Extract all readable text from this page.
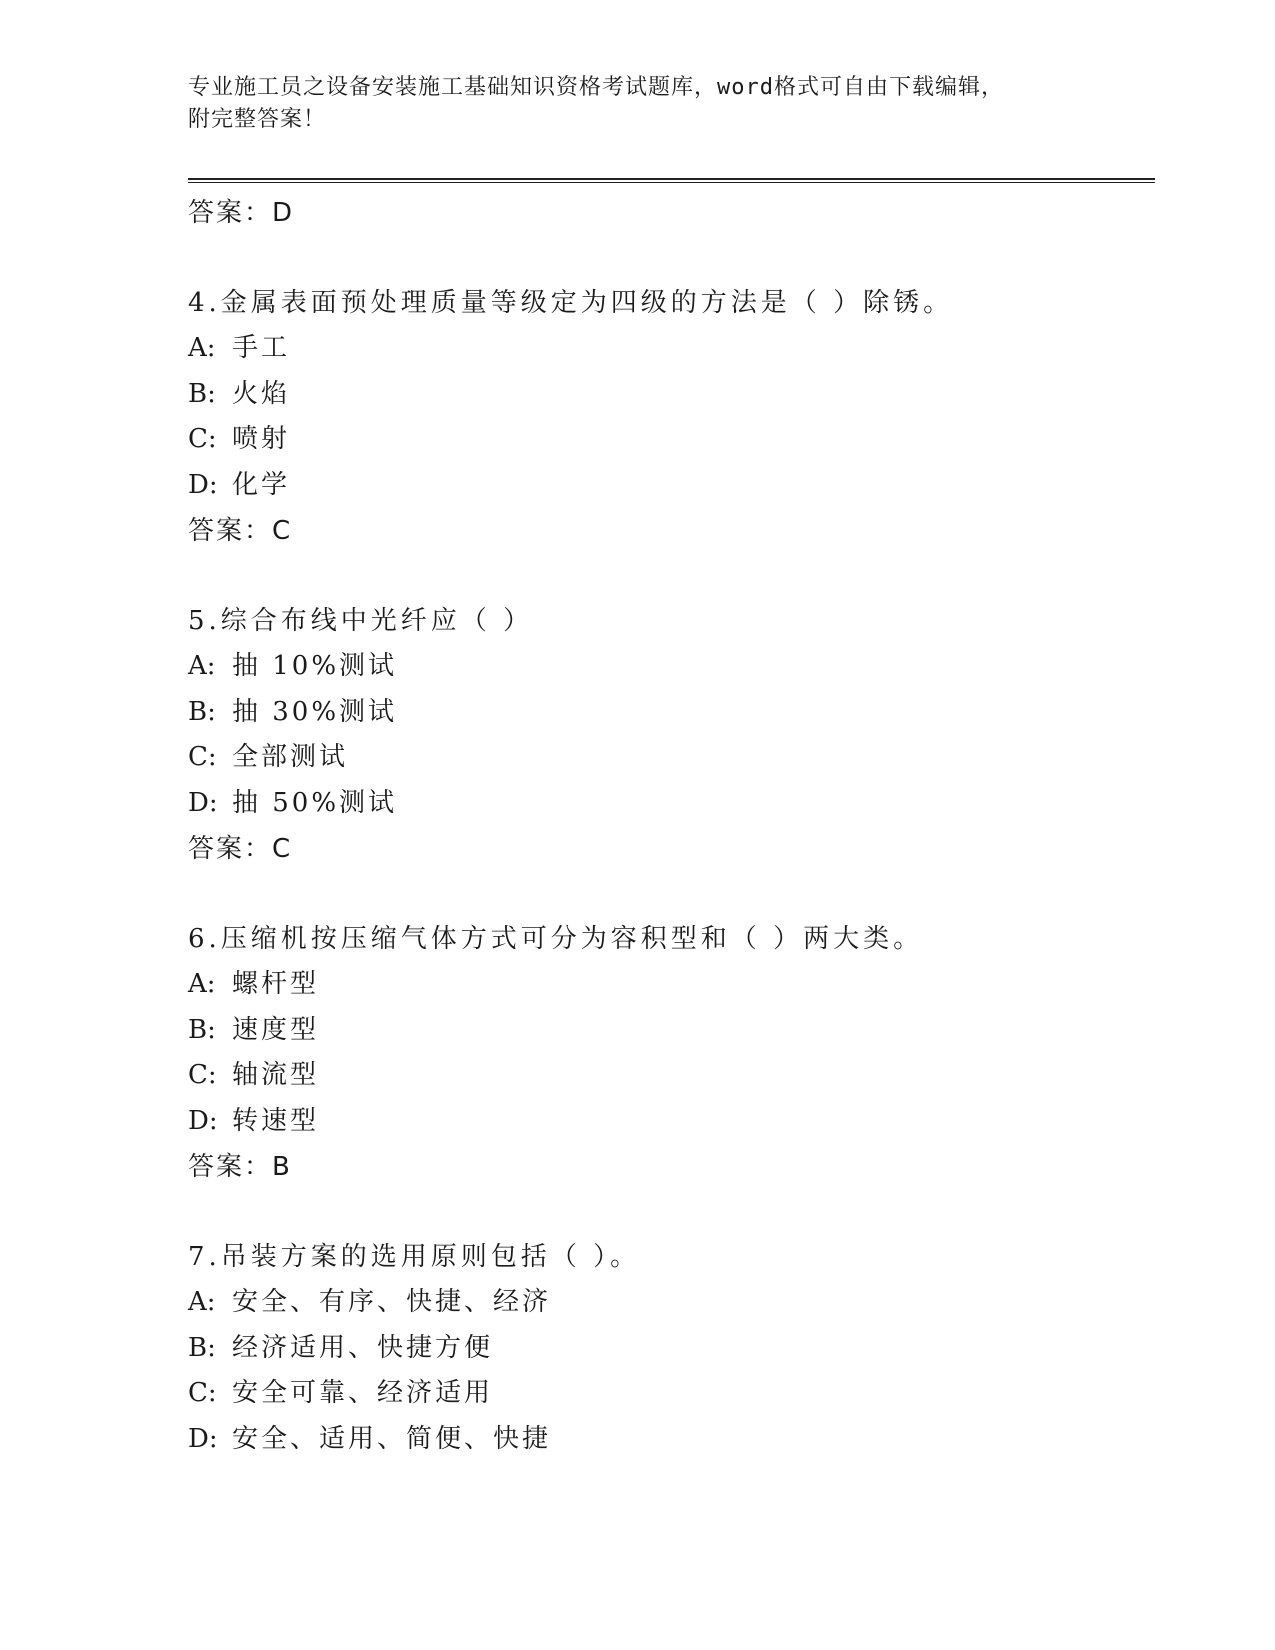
专业施工员之设备安装施工基础知识资格考试题库，word格式可自由下载编辑，
附完整答案！
答案：D
4.金属表面预处理质量等级定为四级的方法是（ ）除锈。
A: 手工
B: 火焰
C: 喷射
D: 化学
答案：C
5.综合布线中光纤应（ ）
A: 抽 10%测试
B: 抽 30%测试
C: 全部测试
D: 抽 50%测试
答案：C
6.压缩机按压缩气体方式可分为容积型和（ ）两大类。
A: 螺杆型
B: 速度型
C: 轴流型
D: 转速型
答案：B
7.吊装方案的选用原则包括（ ）。
A: 安全、有序、快捷、经济
B: 经济适用、快捷方便
C: 安全可靠、经济适用
D: 安全、适用、简便、快捷
